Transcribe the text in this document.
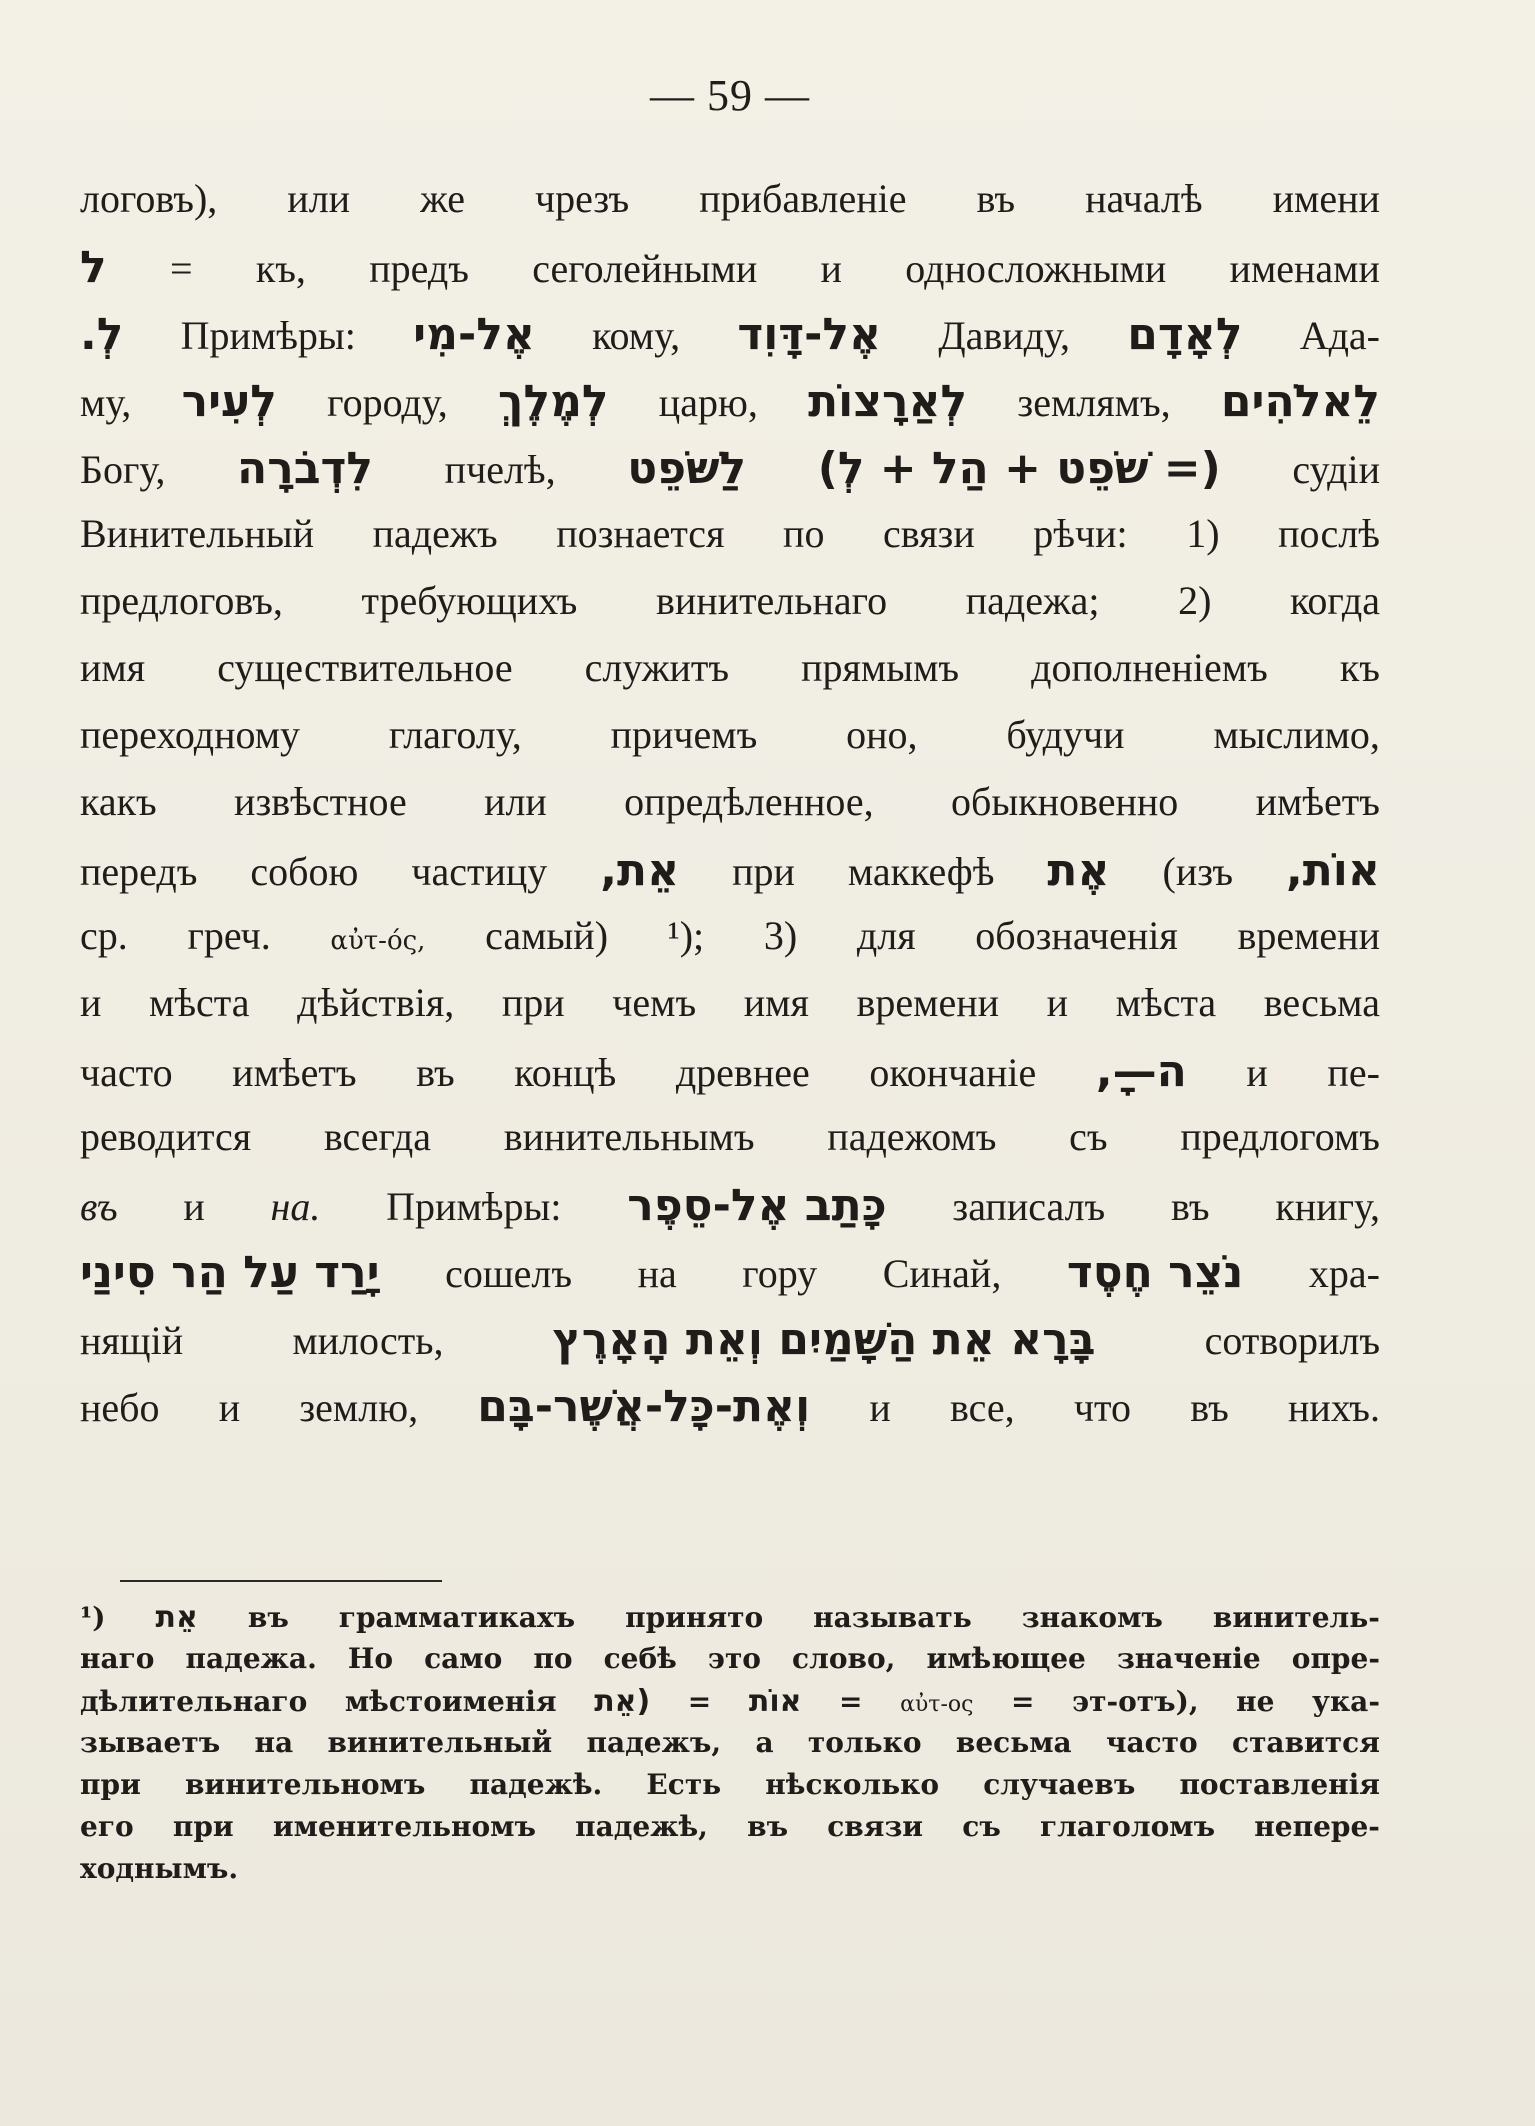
— 59 —
логовъ), или же чрезъ прибавленіе въ началѣ имени
ל = къ, предъ сеголейными и односложными именами
לְ. Примѣры: אֶל-מִי кому, אֶל-דָּוִד Давиду, לְאָדָם Ада-
му, לְעִיר городу, לְמֶלֶךְ царю, לְאַרָצוֹת землямъ, לֵאלֹהִים
Богу, לִדְבֹרָה пчелѣ, לַשֹּׁפֵט (= שֹׁפֵט + הַל + לְ) судіи
Винительный падежъ познается по связи рѣчи: 1) послѣ
предлоговъ, требующихъ винительнаго падежа; 2) когда
имя существительное служитъ прямымъ дополненіемъ къ
переходному глаголу, причемъ оно, будучи мыслимо,
какъ извѣстное или опредѣленное, обыкновенно имѣетъ
передъ собою частицу אֵת, при маккефѣ אֶת (изъ אוֹת,
ср. греч. αὐτ-ός, самый) ¹); 3) для обозначенія времени
и мѣста дѣйствія, при чемъ имя времени и мѣста весьма
часто имѣетъ въ концѣ древнее окончаніе ה—ָ, и пе-
реводится всегда винительнымъ падежомъ съ предлогомъ
въ и на. Примѣры: כָּתַב אֶל-סֵפֶר записалъ въ книгу,
יָרַד עַל הַר סִינַי сошелъ на гору Синай, נֹצֵר חֶסֶד хра-
нящій	милость, בָּרָא אֵת הַשָּׁמַיִם וְאֵת הָאָרֶץ	сотворилъ
небо и землю, וְאֶת-כָּל-אֲשֶׁר-בָּם и все, что въ нихъ.
¹) אֵת въ грамматикахъ принято называть знакомъ винитель-
наго падежа. Но само по себѣ это слово, имѣющее значеніе опре-
дѣлительнаго мѣстоименія (אֵת = אוֹת = αὐτ-ος = эт-отъ), не ука-
зываетъ на винительный падежъ, а только весьма часто ставится
при винительномъ падежѣ. Есть нѣсколько случаевъ поставленія
его при именительномъ падежѣ, въ связи съ глаголомъ непере-
ходнымъ.
